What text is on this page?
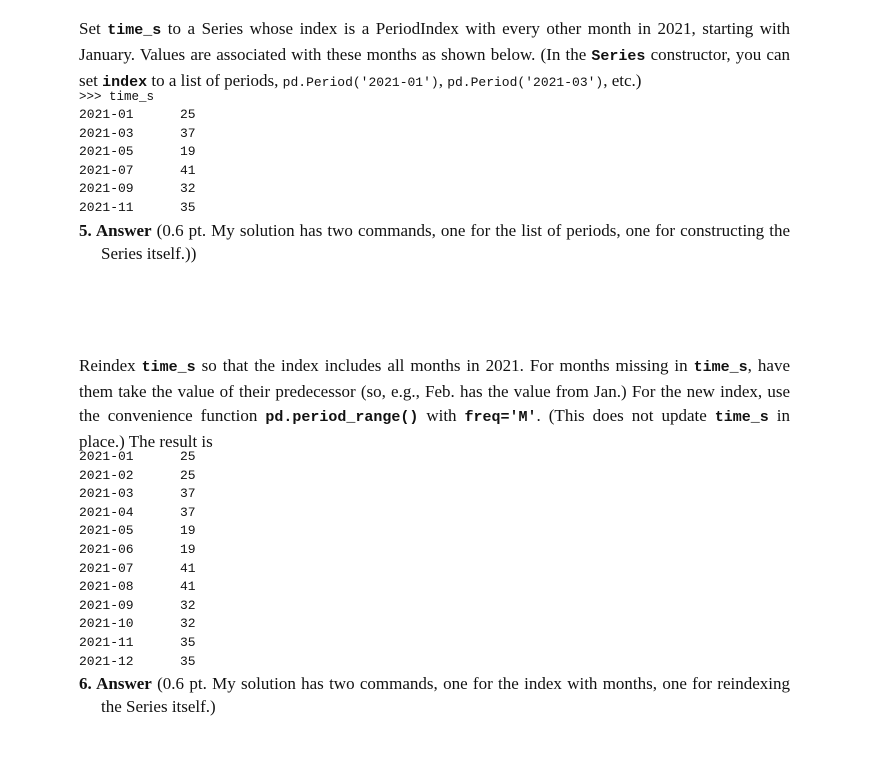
Set time_s to a Series whose index is a PeriodIndex with every other month in 2021, starting with January. Values are associated with these months as shown below. (In the Series constructor, you can set index to a list of periods, pd.Period('2021-01'), pd.Period('2021-03'), etc.)

>>> time_s
2021-01	25
2021-03	37
2021-05	19
2021-07	41
2021-09	32
2021-11	35

5. Answer (0.6 pt. My solution has two commands, one for the list of periods, one for constructing the Series itself.))

Reindex time_s so that the index includes all months in 2021. For months missing in time_s, have them take the value of their predecessor (so, e.g., Feb. has the value from Jan.) For the new index, use the convenience function pd.period_range() with freq='M'. (This does not update time_s in place.) The result is

2021-01	25
2021-02	25
2021-03	37
2021-04	37
2021-05	19
2021-06	19
2021-07	41
2021-08	41
2021-09	32
2021-10	32
2021-11	35
2021-12	35

6. Answer (0.6 pt. My solution has two commands, one for the index with months, one for reindexing the Series itself.)
